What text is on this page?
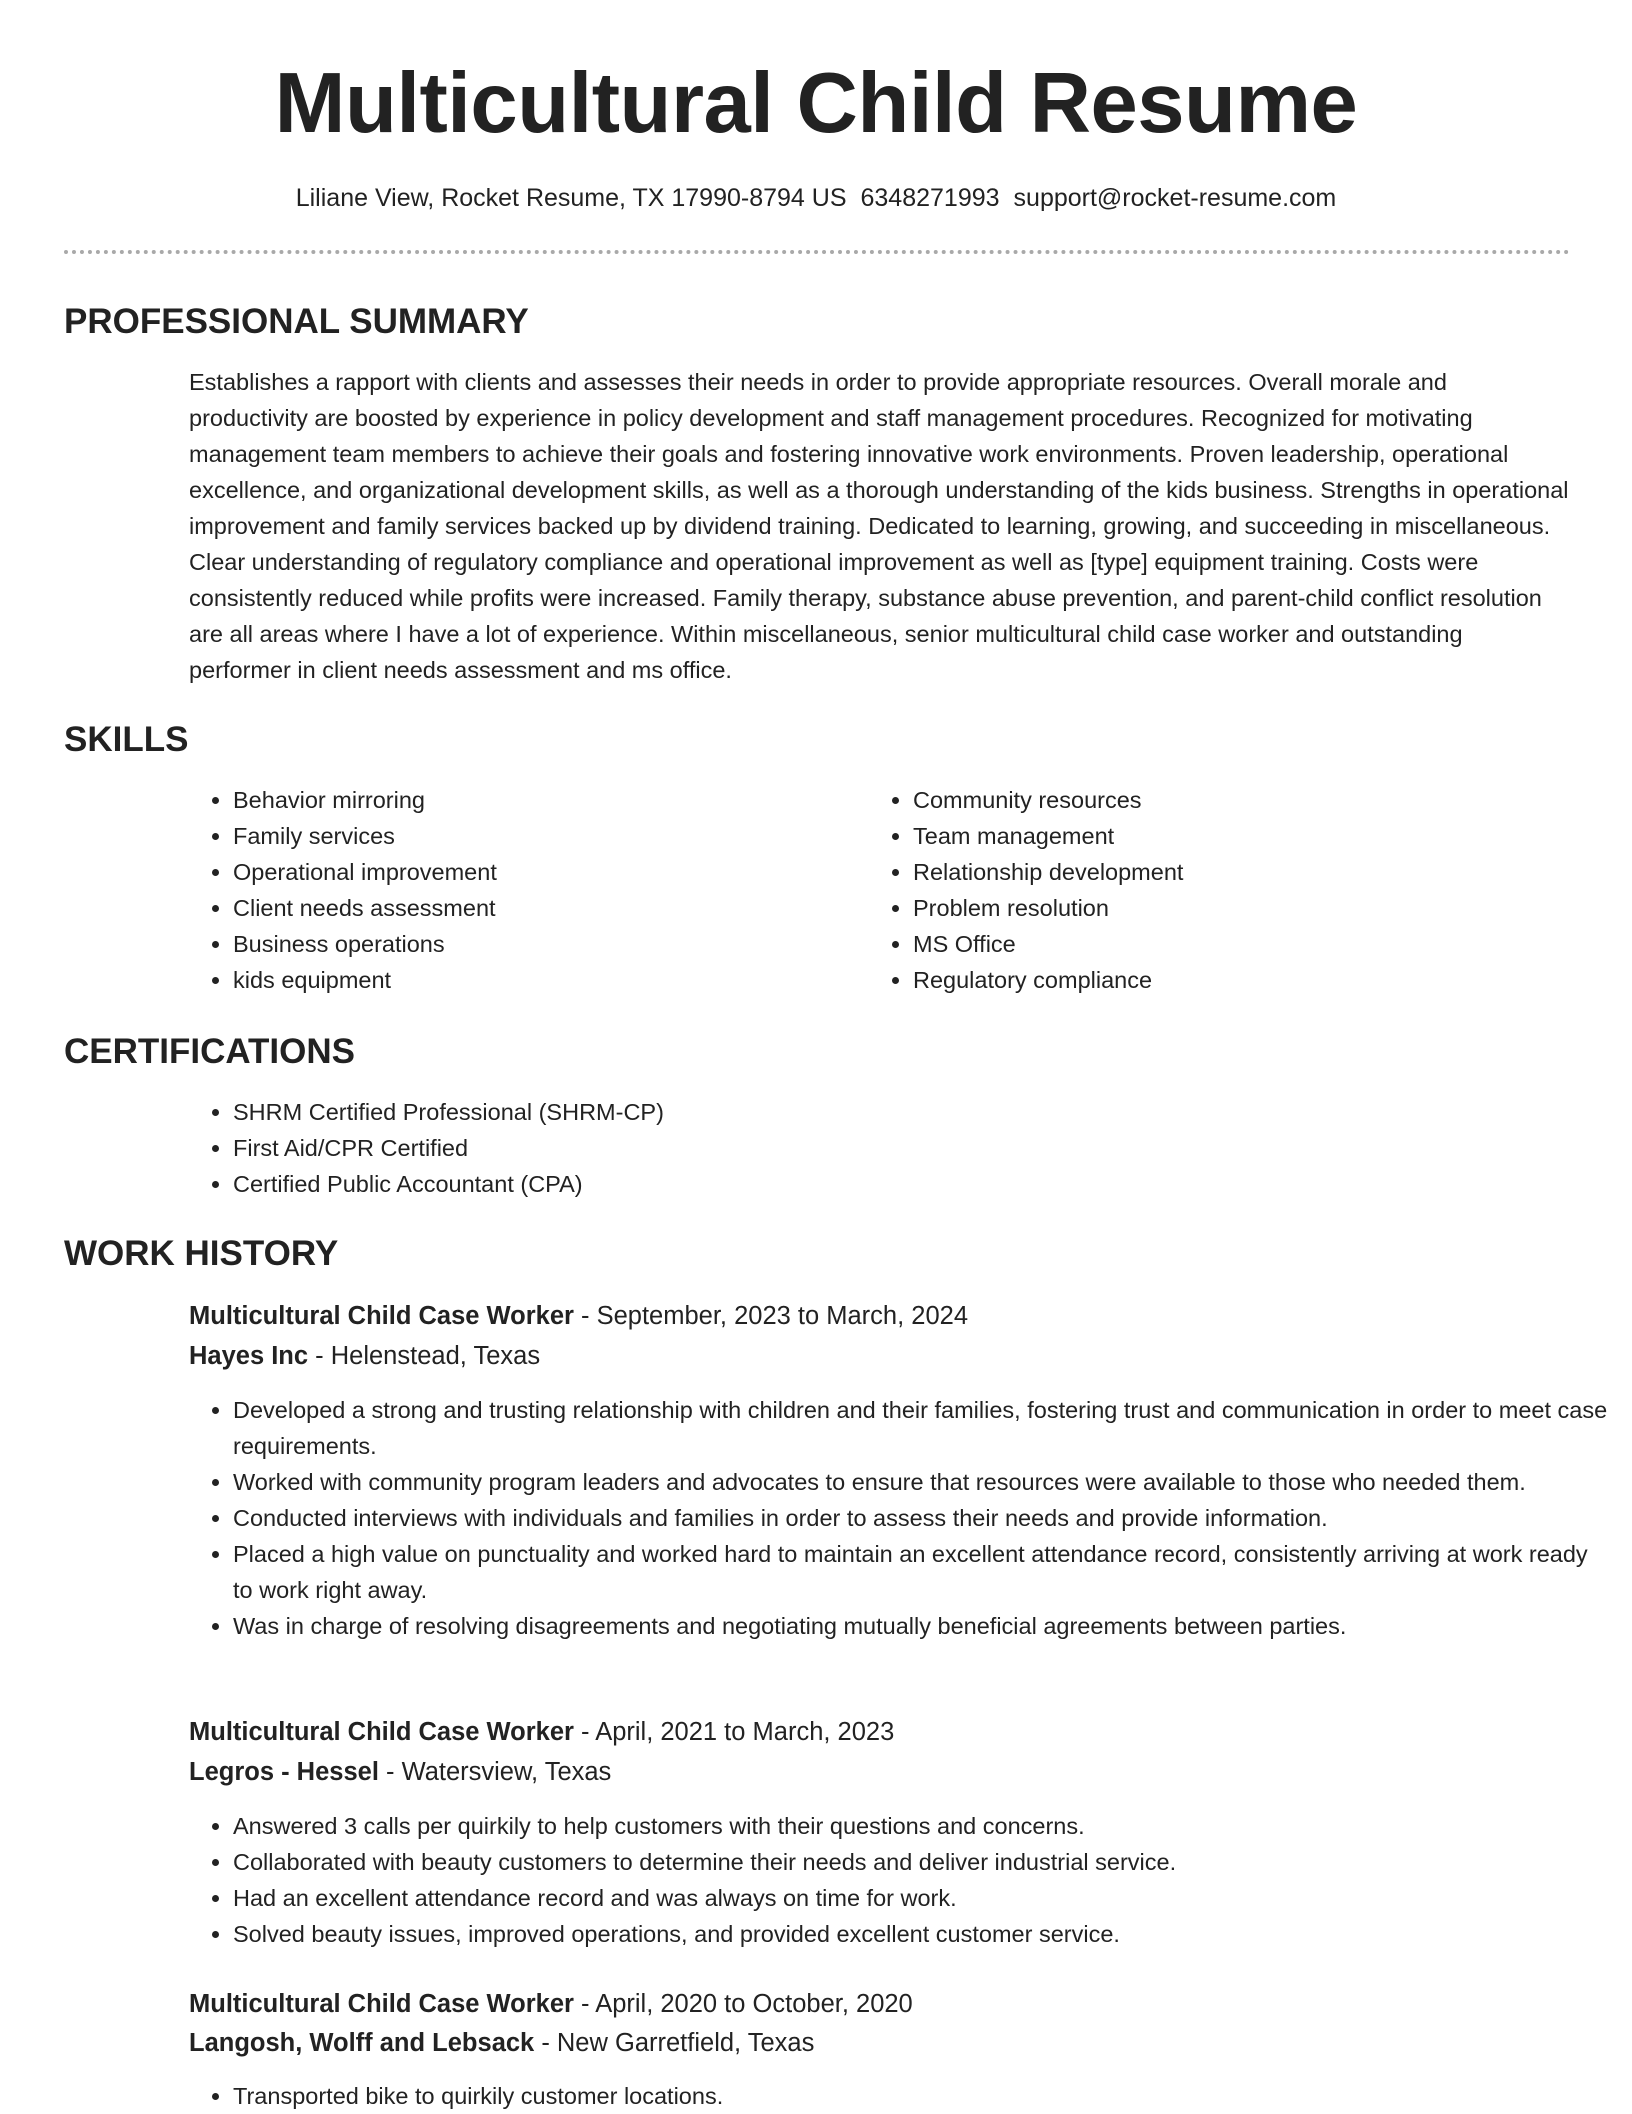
Multicultural Child Resume
Liliane View, Rocket Resume, TX 17990-8794 US 6348271993 support@rocket-resume.com
PROFESSIONAL SUMMARY

Establishes a rapport with clients and assesses their needs in order to provide appropriate resources. Overall morale and productivity are boosted by experience in policy development and staff management procedures. Recognized for motivating management team members to achieve their goals and fostering innovative work environments. Proven leadership, operational excellence, and organizational development skills, as well as a thorough understanding of the kids business. Strengths in operational improvement and family services backed up by dividend training. Dedicated to learning, growing, and succeeding in miscellaneous. Clear understanding of regulatory compliance and operational improvement as well as [type] equipment training. Costs were consistently reduced while profits were increased. Family therapy, substance abuse prevention, and parent-child conflict resolution are all areas where I have a lot of experience. Within miscellaneous, senior multicultural child case worker and outstanding performer in client needs assessment and ms office.

SKILLS
• Behavior mirroring
• Family services
• Operational improvement
• Client needs assessment
• Business operations
• kids equipment
• Community resources
• Team management
• Relationship development
• Problem resolution
• MS Office
• Regulatory compliance
CERTIFICATIONS
• SHRM Certified Professional (SHRM-CP)
• First Aid/CPR Certified
• Certified Public Accountant (CPA)
WORK HISTORY
Multicultural Child Case Worker - September, 2023 to March, 2024
Hayes Inc - Helenstead, Texas
• Developed a strong and trusting relationship with children and their families, fostering trust and communication in order to meet case requirements.
• Worked with community program leaders and advocates to ensure that resources were available to those who needed them.
• Conducted interviews with individuals and families in order to assess their needs and provide information.
• Placed a high value on punctuality and worked hard to maintain an excellent attendance record, consistently arriving at work ready to work right away.
• Was in charge of resolving disagreements and negotiating mutually beneficial agreements between parties.
Multicultural Child Case Worker - April, 2021 to March, 2023
Legros - Hessel - Watersview, Texas
• Answered 3 calls per quirkily to help customers with their questions and concerns.
• Collaborated with beauty customers to determine their needs and deliver industrial service.
• Had an excellent attendance record and was always on time for work.
• Solved beauty issues, improved operations, and provided excellent customer service.
Multicultural Child Case Worker - April, 2020 to October, 2020
Langosh, Wolff and Lebsack - New Garretfield, Texas
• Transported bike to quirkily customer locations.
